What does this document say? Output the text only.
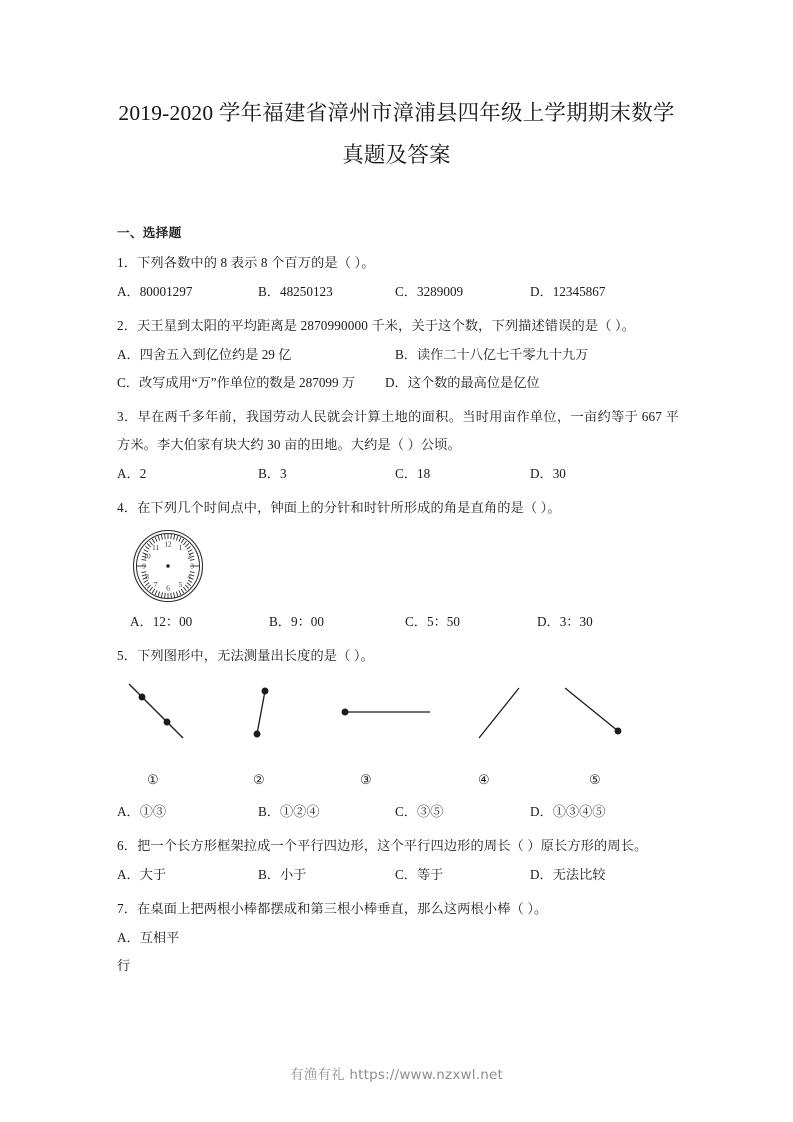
2019-2020 学年福建省漳州市漳浦县四年级上学期期末数学
真题及答案
一、选择题
1．下列各数中的 8 表示 8 个百万的是（ ）。
A．80001297	B．48250123	C．3289009	D．12345867
2．天王星到太阳的平均距离是 2870990000 千米，关于这个数，下列描述错误的是（ ）。
A．四舍五入到亿位约是 29 亿	B．读作二十八亿七千零九十九万
C．改写成用“万”作单位的数是 287099 万 D．这个数的最高位是亿位
3．早在两千多年前，我国劳动人民就会计算土地的面积。当时用亩作单位，一亩约等于 667 平方米。李大伯家有块大约 30 亩的田地。大约是（ ）公顷。
A．2	B．3	C．18	D．30
4．在下列几个时间点中，钟面上的分针和时针所形成的角是直角的是（ ）。
12 1
2
3
4
5
6
7
8
9
10
11
A．12：00	B．9：00	C．5：50	D．3：30
5．下列图形中，无法测量出长度的是（ ）。
①	②	③	④	⑤
A．①③	B．①②④	C．③⑤	D．①③④⑤
6．把一个长方形框架拉成一个平行四边形，这个平行四边形的周长（ ）原长方形的周长。
A．大于	B．小于	C．等于	D．无法比较
7．在桌面上把两根小棒都摆成和第三根小棒垂直，那么这两根小棒（ ）。
A．互相平
行
有渔有礼 https://www.nzxwl.net
